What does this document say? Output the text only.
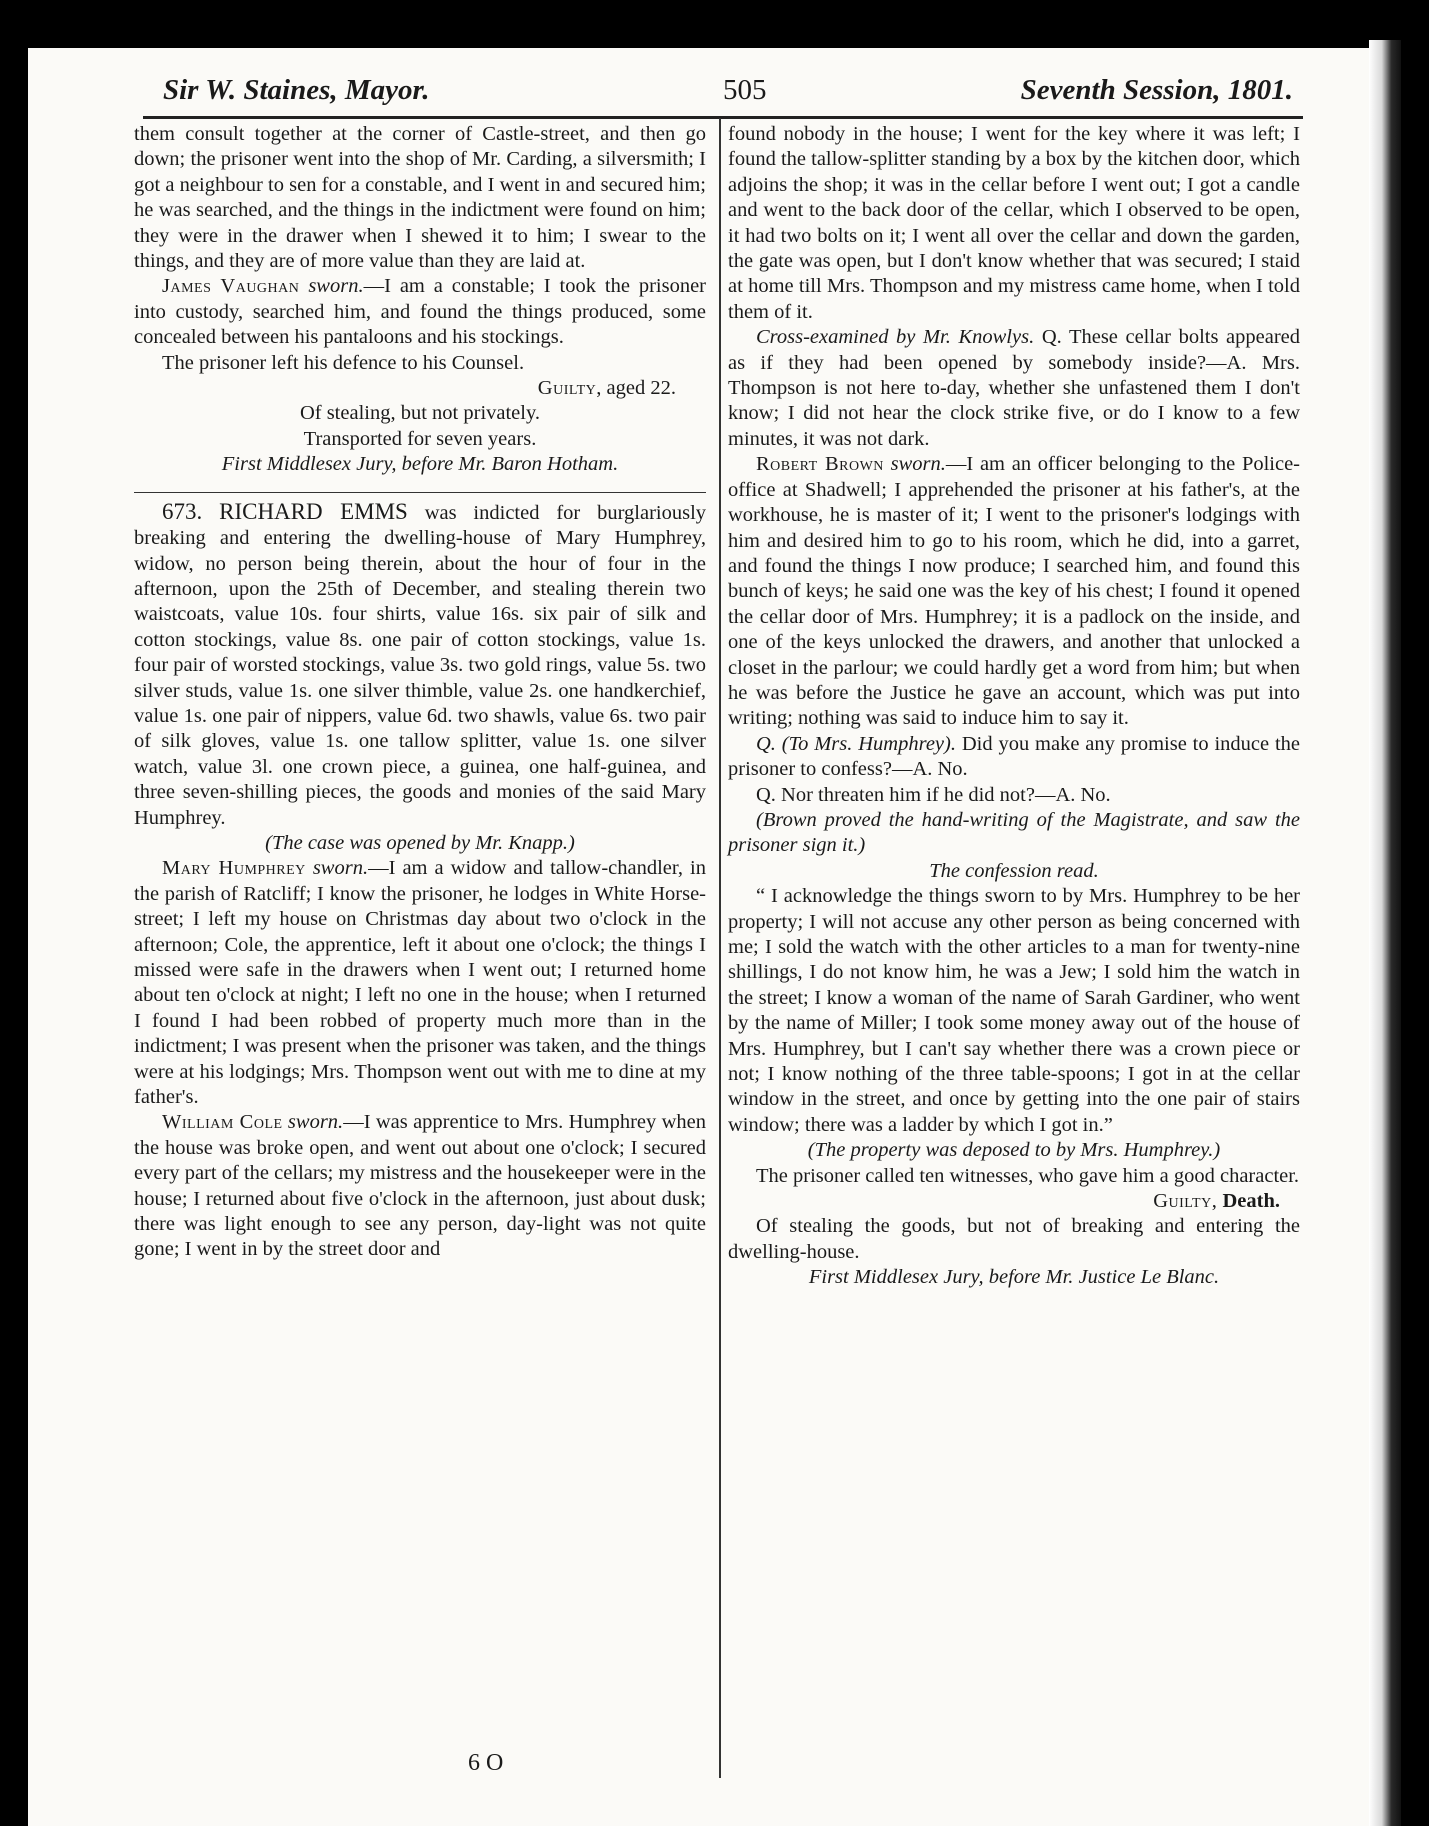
Sir W. Staines, Mayor.	505	Seventh Session, 1801.

them consult together at the corner of Castle-street, and then go down; the prisoner went into the shop of Mr. Carding, a silversmith; I got a neighbour to sen for a constable, and I went in and secured him; he was searched, and the things in the indictment were found on him; they were in the drawer when I shewed it to him; I swear to the things, and they are of more value than they are laid at.

James Vaughan sworn.—I am a constable; I took the prisoner into custody, searched him, and found the things produced, some concealed between his pantaloons and his stockings.

The prisoner left his defence to his Counsel.

Guilty, aged 22.

Of stealing, but not privately.

Transported for seven years.

First Middlesex Jury, before Mr. Baron Hotham.

673. RICHARD EMMS was indicted for burglariously breaking and entering the dwelling-house of Mary Humphrey, widow, no person being therein, about the hour of four in the afternoon, upon the 25th of December, and stealing therein two waistcoats, value 10s. four shirts, value 16s. six pair of silk and cotton stockings, value 8s. one pair of cotton stockings, value 1s. four pair of worsted stockings, value 3s. two gold rings, value 5s. two silver studs, value 1s. one silver thimble, value 2s. one handkerchief, value 1s. one pair of nippers, value 6d. two shawls, value 6s. two pair of silk gloves, value 1s. one tallow splitter, value 1s. one silver watch, value 3l. one crown piece, a guinea, one half-guinea, and three seven-shilling pieces, the goods and monies of the said Mary Humphrey.

(The case was opened by Mr. Knapp.)

Mary Humphrey sworn.—I am a widow and tallow-chandler, in the parish of Ratcliff; I know the prisoner, he lodges in White Horse-street; I left my house on Christmas day about two o'clock in the afternoon; Cole, the apprentice, left it about one o'clock; the things I missed were safe in the drawers when I went out; I returned home about ten o'clock at night; I left no one in the house; when I returned I found I had been robbed of property much more than in the indictment; I was present when the prisoner was taken, and the things were at his lodgings; Mrs. Thompson went out with me to dine at my father's.

William Cole sworn.—I was apprentice to Mrs. Humphrey when the house was broke open, and went out about one o'clock; I secured every part of the cellars; my mistress and the housekeeper were in the house; I returned about five o'clock in the afternoon, just about dusk; there was light enough to see any person, day-light was not quite gone; I went in by the street door and

found nobody in the house; I went for the key where it was left; I found the tallow-splitter standing by a box by the kitchen door, which adjoins the shop; it was in the cellar before I went out; I got a candle and went to the back door of the cellar, which I observed to be open, it had two bolts on it; I went all over the cellar and down the garden, the gate was open, but I don't know whether that was secured; I staid at home till Mrs. Thompson and my mistress came home, when I told them of it.

Cross-examined by Mr. Knowlys. Q. These cellar bolts appeared as if they had been opened by somebody inside?—A. Mrs. Thompson is not here to-day, whether she unfastened them I don't know; I did not hear the clock strike five, or do I know to a few minutes, it was not dark.

Robert Brown sworn.—I am an officer belonging to the Police-office at Shadwell; I apprehended the prisoner at his father's, at the workhouse, he is master of it; I went to the prisoner's lodgings with him and desired him to go to his room, which he did, into a garret, and found the things I now produce; I searched him, and found this bunch of keys; he said one was the key of his chest; I found it opened the cellar door of Mrs. Humphrey; it is a padlock on the inside, and one of the keys unlocked the drawers, and another that unlocked a closet in the parlour; we could hardly get a word from him; but when he was before the Justice he gave an account, which was put into writing; nothing was said to induce him to say it.

Q. (To Mrs. Humphrey). Did you make any promise to induce the prisoner to confess?—A. No.

Q. Nor threaten him if he did not?—A. No.

(Brown proved the hand-writing of the Magistrate, and saw the prisoner sign it.)

The confession read.

“ I acknowledge the things sworn to by Mrs. Humphrey to be her property; I will not accuse any other person as being concerned with me; I sold the watch with the other articles to a man for twenty-nine shillings, I do not know him, he was a Jew; I sold him the watch in the street; I know a woman of the name of Sarah Gardiner, who went by the name of Miller; I took some money away out of the house of Mrs. Humphrey, but I can't say whether there was a crown piece or not; I know nothing of the three table-spoons; I got in at the cellar window in the street, and once by getting into the one pair of stairs window; there was a ladder by which I got in.”

(The property was deposed to by Mrs. Humphrey.)

The prisoner called ten witnesses, who gave him a good character.

Guilty, Death.

Of stealing the goods, but not of breaking and entering the dwelling-house.

First Middlesex Jury, before Mr. Justice Le Blanc.

6 O
